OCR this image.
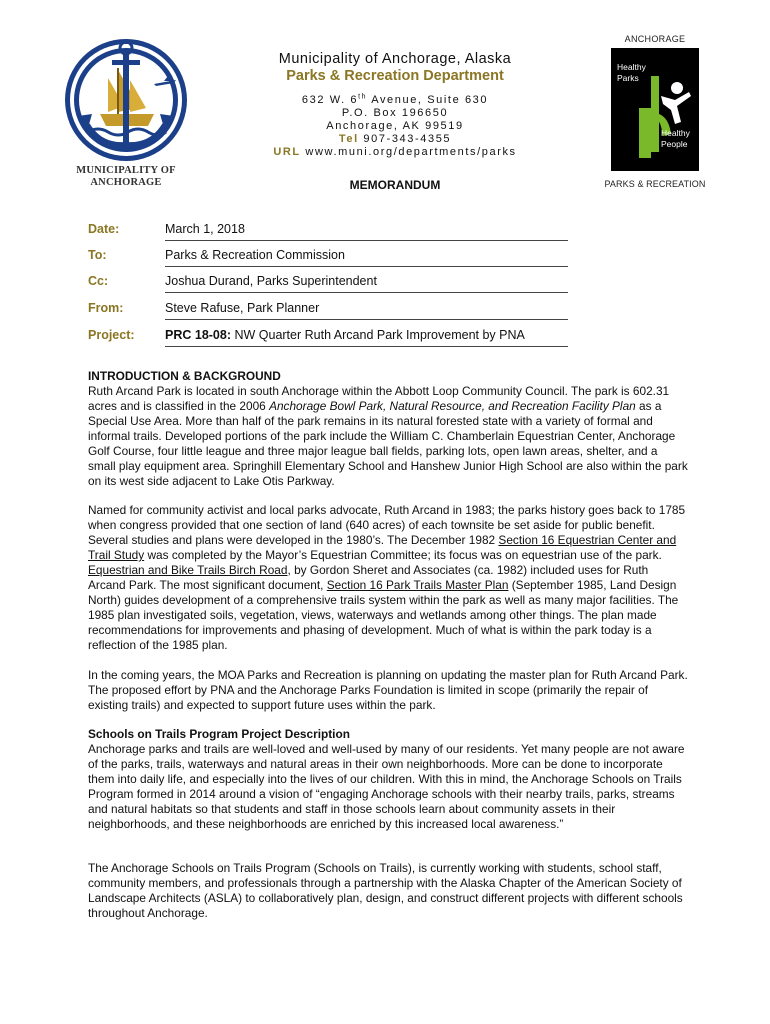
MUNICIPALITY OF
ANCHORAGE
Municipality of Anchorage, Alaska
Parks & Recreation Department
632 W. 6th Avenue, Suite 630
P.O. Box 196650
Anchorage, AK 99519
Tel 907-343-4355
URL www.muni.org/departments/parks
MEMORANDUM
ANCHORAGE
Healthy
Parks
Healthy
People
PARKS & RECREATION
Date:	March 1, 2018
To:	Parks & Recreation Commission
Cc:	Joshua Durand, Parks Superintendent
From:	Steve Rafuse, Park Planner
Project: PRC 18-08: NW Quarter Ruth Arcand Park Improvement by PNA
INTRODUCTION & BACKGROUND

Ruth Arcand Park is located in south Anchorage within the Abbott Loop Community Council. The park is 602.31 acres and is classified in the 2006 Anchorage Bowl Park, Natural Resource, and Recreation Facility Plan as a Special Use Area. More than half of the park remains in its natural forested state with a variety of formal and informal trails. Developed portions of the park include the William C. Chamberlain Equestrian Center, Anchorage Golf Course, four little league and three major league ball fields, parking lots, open lawn areas, shelter, and a small play equipment area. Springhill Elementary School and Hanshew Junior High School are also within the park on its west side adjacent to Lake Otis Parkway.

Named for community activist and local parks advocate, Ruth Arcand in 1983; the parks history goes back to 1785 when congress provided that one section of land (640 acres) of each townsite be set aside for public benefit. Several studies and plans were developed in the 1980’s. The December 1982 Section 16 Equestrian Center and Trail Study was completed by the Mayor’s Equestrian Committee; its focus was on equestrian use of the park. Equestrian and Bike Trails Birch Road, by Gordon Sheret and Associates (ca. 1982) included uses for Ruth Arcand Park. The most significant document, Section 16 Park Trails Master Plan (September 1985, Land Design North) guides development of a comprehensive trails system within the park as well as many major facilities. The 1985 plan investigated soils, vegetation, views, waterways and wetlands among other things. The plan made recommendations for improvements and phasing of development. Much of what is within the park today is a reflection of the 1985 plan.

In the coming years, the MOA Parks and Recreation is planning on updating the master plan for Ruth Arcand Park. The proposed effort by PNA and the Anchorage Parks Foundation is limited in scope (primarily the repair of existing trails) and expected to support future uses within the park.

Schools on Trails Program Project Description

Anchorage parks and trails are well-loved and well-used by many of our residents. Yet many people are not aware of the parks, trails, waterways and natural areas in their own neighborhoods. More can be done to incorporate them into daily life, and especially into the lives of our children. With this in mind, the Anchorage Schools on Trails Program formed in 2014 around a vision of “engaging Anchorage schools with their nearby trails, parks, streams and natural habitats so that students and staff in those schools learn about community assets in their neighborhoods, and these neighborhoods are enriched by this increased local awareness.”

The Anchorage Schools on Trails Program (Schools on Trails), is currently working with students, school staff, community members, and professionals through a partnership with the Alaska Chapter of the American Society of Landscape Architects (ASLA) to collaboratively plan, design, and construct different projects with different schools throughout Anchorage.
